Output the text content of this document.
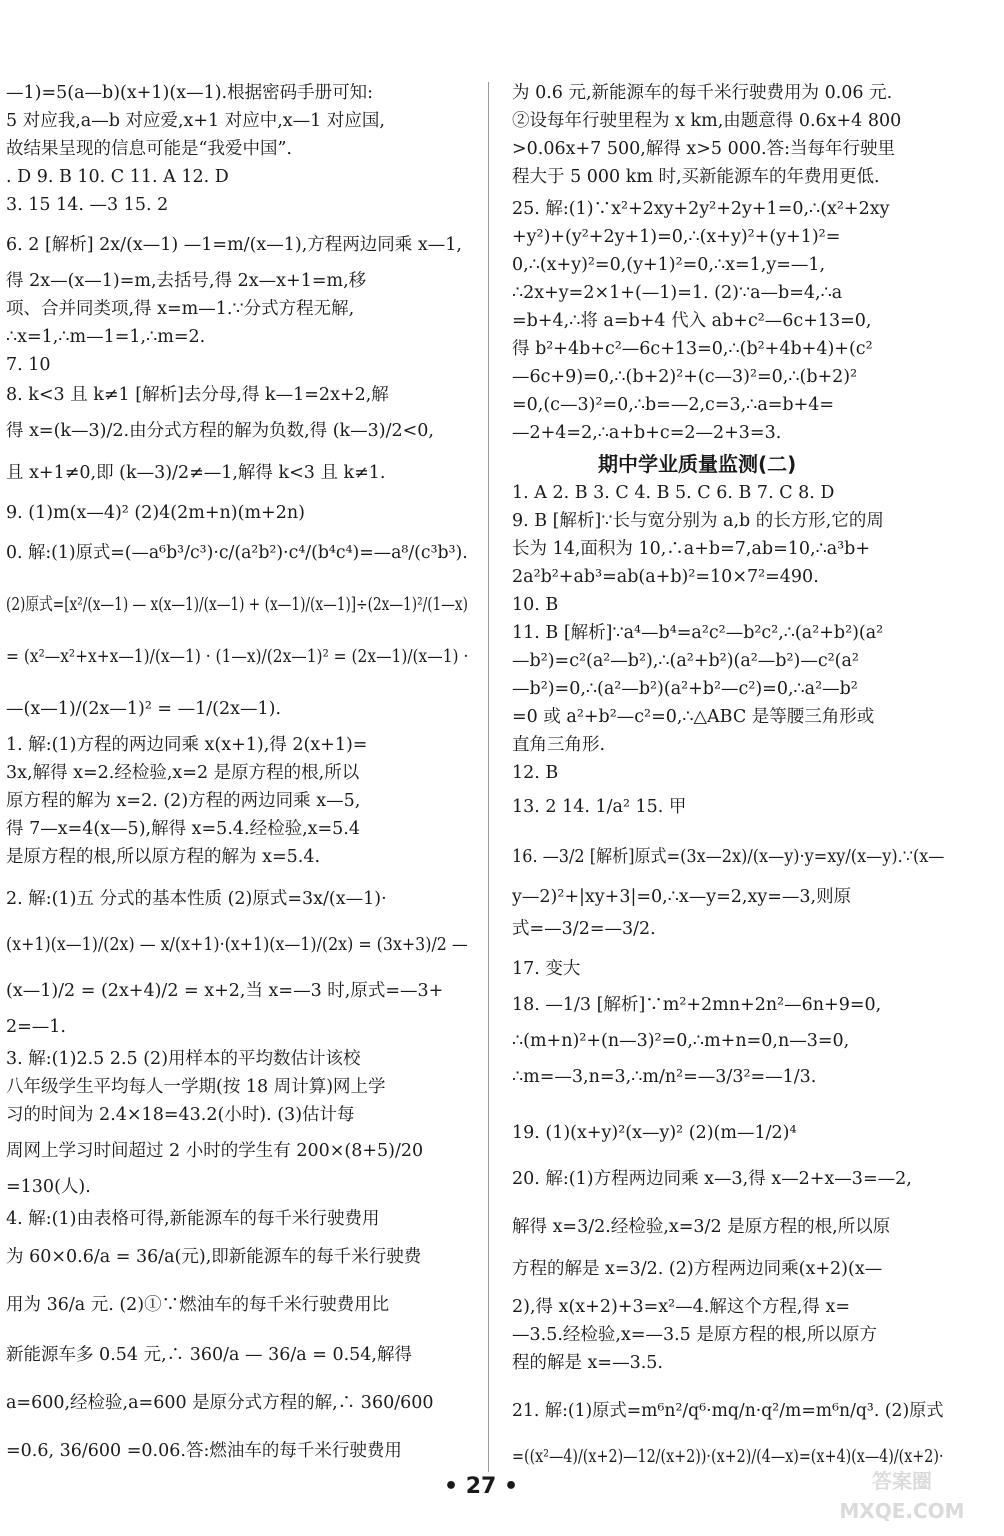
—1)=5(a—b)(x+1)(x—1).根据密码手册可知:
5 对应我,a—b 对应爱,x+1 对应中,x—1 对应国,
故结果呈现的信息可能是“我爱中国”.
. D 9. B 10. C 11. A 12. D
3. 15 14. —3 15. 2
6. 2 [解析] 2x/(x—1) —1=m/(x—1),方程两边同乘 x—1,
得 2x—(x—1)=m,去括号,得 2x—x+1=m,移
项、合并同类项,得 x=m—1.∵分式方程无解,
∴x=1,∴m—1=1,∴m=2.
7. 10
8. k<3 且 k≠1 [解析]去分母,得 k—1=2x+2,解
得 x=(k—3)/2.由分式方程的解为负数,得 (k—3)/2<0,
且 x+1≠0,即 (k—3)/2≠—1,解得 k<3 且 k≠1.
9. (1)m(x—4)² (2)4(2m+n)(m+2n)
0. 解:(1)原式=(—a⁶b³/c³)·c/(a²b²)·c⁴/(b⁴c⁴)=—a⁸/(c³b³).
(2)原式=[x²/(x—1) — x(x—1)/(x—1) + (x—1)/(x—1)]÷(2x—1)²/(1—x)
= (x²—x²+x+x—1)/(x—1) · (1—x)/(2x—1)² = (2x—1)/(x—1) ·
—(x—1)/(2x—1)² = —1/(2x—1).
1. 解:(1)方程的两边同乘 x(x+1),得 2(x+1)=
3x,解得 x=2.经检验,x=2 是原方程的根,所以
原方程的解为 x=2. (2)方程的两边同乘 x—5,
得 7—x=4(x—5),解得 x=5.4.经检验,x=5.4
是原方程的根,所以原方程的解为 x=5.4.
2. 解:(1)五 分式的基本性质 (2)原式=3x/(x—1)·
(x+1)(x—1)/(2x) — x/(x+1)·(x+1)(x—1)/(2x) = (3x+3)/2 —
(x—1)/2 = (2x+4)/2 = x+2,当 x=—3 时,原式=—3+
2=—1.
3. 解:(1)2.5 2.5 (2)用样本的平均数估计该校
八年级学生平均每人一学期(按 18 周计算)网上学
习的时间为 2.4×18=43.2(小时). (3)估计每
周网上学习时间超过 2 小时的学生有 200×(8+5)/20
=130(人).
4. 解:(1)由表格可得,新能源车的每千米行驶费用
为 60×0.6/a = 36/a(元),即新能源车的每千米行驶费
用为 36/a 元. (2)①∵燃油车的每千米行驶费用比
新能源车多 0.54 元,∴ 360/a — 36/a = 0.54,解得
a=600,经检验,a=600 是原分式方程的解,∴ 360/600
=0.6, 36/600 =0.06.答:燃油车的每千米行驶费用
为 0.6 元,新能源车的每千米行驶费用为 0.06 元.
②设每年行驶里程为 x km,由题意得 0.6x+4 800
>0.06x+7 500,解得 x>5 000.答:当每年行驶里
程大于 5 000 km 时,买新能源车的年费用更低.
25. 解:(1)∵x²+2xy+2y²+2y+1=0,∴(x²+2xy
+y²)+(y²+2y+1)=0,∴(x+y)²+(y+1)²=
0,∴(x+y)²=0,(y+1)²=0,∴x=1,y=—1,
∴2x+y=2×1+(—1)=1. (2)∵a—b=4,∴a
=b+4,∴将 a=b+4 代入 ab+c²—6c+13=0,
得 b²+4b+c²—6c+13=0,∴(b²+4b+4)+(c²
—6c+9)=0,∴(b+2)²+(c—3)²=0,∴(b+2)²
=0,(c—3)²=0,∴b=—2,c=3,∴a=b+4=
—2+4=2,∴a+b+c=2—2+3=3.
期中学业质量监测(二)
1. A 2. B 3. C 4. B 5. C 6. B 7. C 8. D
9. B [解析]∵长与宽分别为 a,b 的长方形,它的周
长为 14,面积为 10,∴a+b=7,ab=10,∴a³b+
2a²b²+ab³=ab(a+b)²=10×7²=490.
10. B
11. B [解析]∵a⁴—b⁴=a²c²—b²c²,∴(a²+b²)(a²
—b²)=c²(a²—b²),∴(a²+b²)(a²—b²)—c²(a²
—b²)=0,∴(a²—b²)(a²+b²—c²)=0,∴a²—b²
=0 或 a²+b²—c²=0,∴△ABC 是等腰三角形或
直角三角形.
12. B
13. 2 14. 1/a² 15. 甲
16. —3/2 [解析]原式=(3x—2x)/(x—y)·y=xy/(x—y).∵(x—
y—2)²+|xy+3|=0,∴x—y=2,xy=—3,则原
式=—3/2=—3/2.
17. 变大
18. —1/3 [解析]∵m²+2mn+2n²—6n+9=0,
∴(m+n)²+(n—3)²=0,∴m+n=0,n—3=0,
∴m=—3,n=3,∴m/n²=—3/3²=—1/3.
19. (1)(x+y)²(x—y)² (2)(m—1/2)⁴
20. 解:(1)方程两边同乘 x—3,得 x—2+x—3=—2,
解得 x=3/2.经检验,x=3/2 是原方程的根,所以原
方程的解是 x=3/2. (2)方程两边同乘(x+2)(x—
2),得 x(x+2)+3=x²—4.解这个方程,得 x=
—3.5.经检验,x=—3.5 是原方程的根,所以原方
程的解是 x=—3.5.
21. 解:(1)原式=m⁶n²/q⁶·mq/n·q²/m=m⁶n/q³. (2)原式
=((x²—4)/(x+2)—12/(x+2))·(x+2)/(4—x)=(x+4)(x—4)/(x+2)·
• 27 •	答案圈
MXQE.COM
